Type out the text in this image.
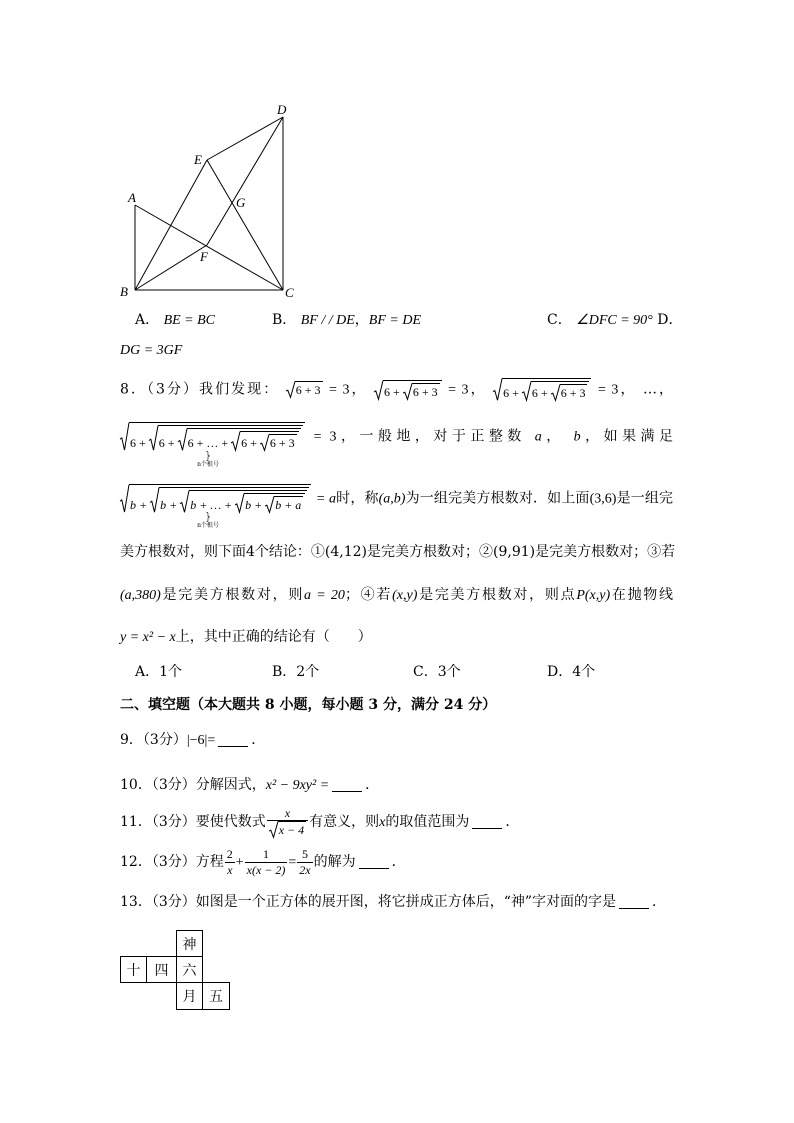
A
B	C
D
E
F
G
A． BE = BC	B． BF / / DE，BF = DE	C． ∠DFC = 90° D．
DG = 3GF
8．（3分）我们发现： 6 + 3 = 3， 6 + 6 + 3 = 3， 6 + 6 + 6 + 3 = 3， …，
6 + 6 + 6 + … + 6 + 6 + 3 = 3，一般地，对于正整数 a， b，如果满足
n个根号
b + b + b + … + b + b + a = a时，称(a,b)为一组完美方根数对．如上面(3,6)是一组完
n个根号
美方根数对，则下面4个结论：①(4,12)是完美方根数对；②(9,91)是完美方根数对；③若
(a,380)是完美方根数对，则a = 20；④若(x,y)是完美方根数对，则点P(x,y)在抛物线
y = x² − x上，其中正确的结论有（　　）
A．1个	B．2个	C．3个	D．4个
二、填空题（本大题共 8 小题，每小题 3 分，满分 24 分）
9．（3分）|−6|=	．
10．（3分）分解因式，x² − 9xy² =	．
11．（3分）要使代数式 $\frac{x}{x - 4}$ 有意义，则x的取值范围为	．
12．（3分）方程 $\frac{2}{x} + \frac{1}{x(x - 2)} = \frac{5}{2x}$ 的解为	．
13．（3分）如图是一个正方体的展开图，将它拼成正方体后，“神”字对面的字是	．
神
十	四	六
月 五
